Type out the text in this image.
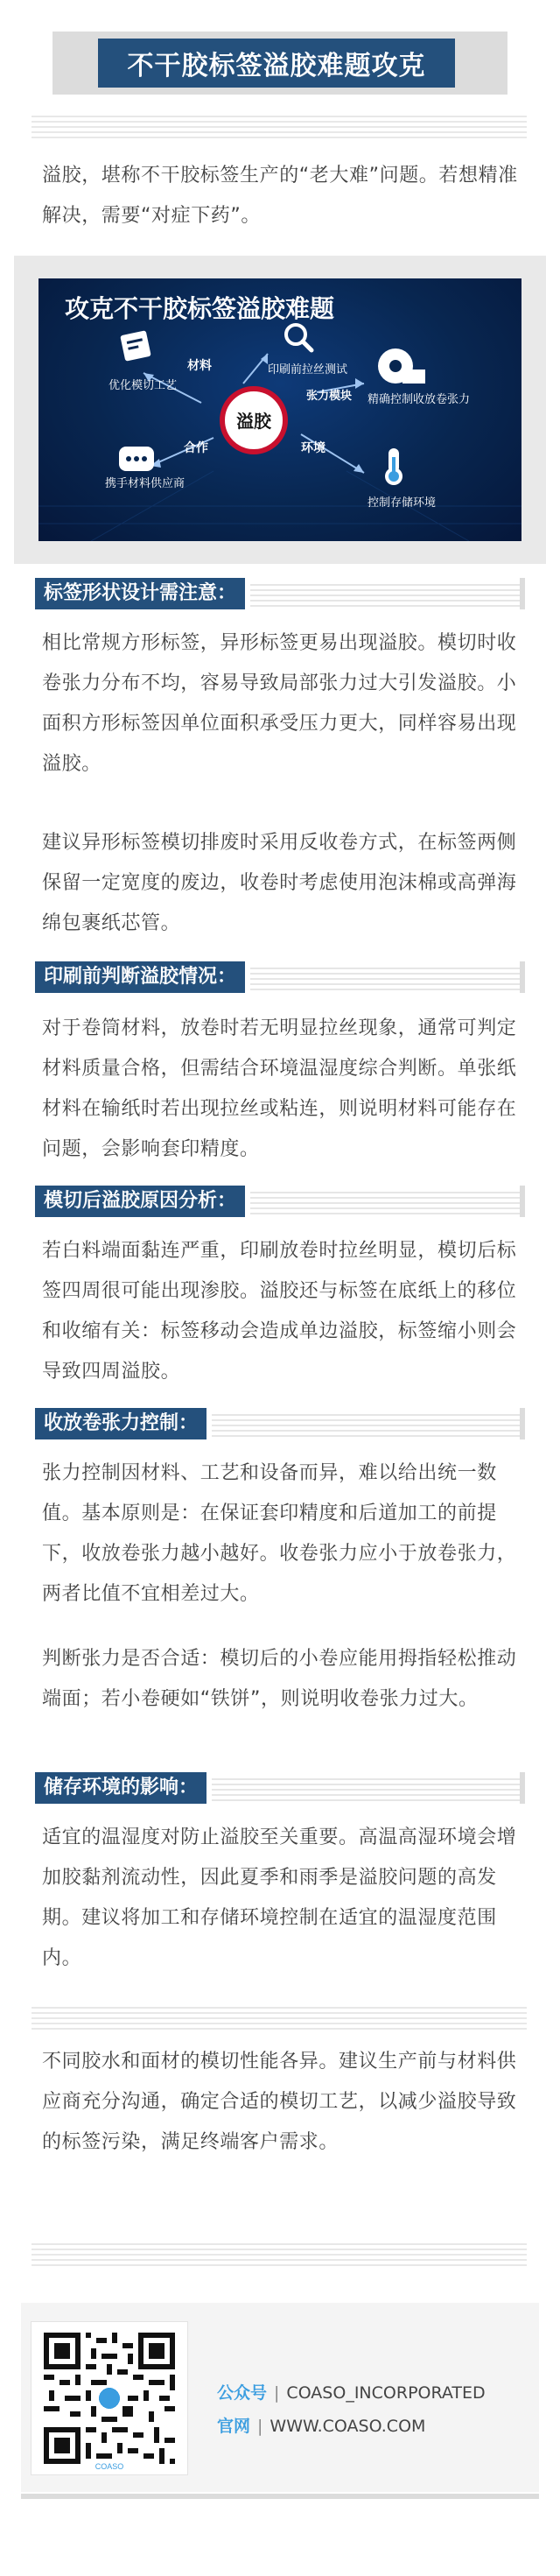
不干胶标签溢胶难题攻克
溢胶，堪称不干胶标签生产的“老大难”问题。若想精准解决，需要“对症下药”。
攻克不干胶标签溢胶难题
溢胶
优化模切工艺
材料	印刷前拉丝测试
张力模块 精确控制收放卷张力
合作
携手材料供应商
环境
控制存储环境
标签形状设计需注意：
相比常规方形标签，异形标签更易出现溢胶。模切时收卷张力分布不均，容易导致局部张力过大引发溢胶。小面积方形标签因单位面积承受压力更大，同样容易出现溢胶。
建议异形标签模切排废时采用反收卷方式，在标签两侧保留一定宽度的废边，收卷时考虑使用泡沫棉或高弹海绵包裹纸芯管。
印刷前判断溢胶情况：
对于卷筒材料，放卷时若无明显拉丝现象，通常可判定材料质量合格，但需结合环境温湿度综合判断。单张纸材料在输纸时若出现拉丝或粘连，则说明材料可能存在问题，会影响套印精度。
模切后溢胶原因分析：
若白料端面黏连严重，印刷放卷时拉丝明显，模切后标签四周很可能出现渗胶。溢胶还与标签在底纸上的移位和收缩有关：标签移动会造成单边溢胶，标签缩小则会导致四周溢胶。
收放卷张力控制：
张力控制因材料、工艺和设备而异，难以给出统一数值。基本原则是：在保证套印精度和后道加工的前提下，收放卷张力越小越好。收卷张力应小于放卷张力，两者比值不宜相差过大。
判断张力是否合适：模切后的小卷应能用拇指轻松推动端面；若小卷硬如“铁饼”，则说明收卷张力过大。
储存环境的影响：
适宜的温湿度对防止溢胶至关重要。高温高湿环境会增加胶黏剂流动性，因此夏季和雨季是溢胶问题的高发期。建议将加工和存储环境控制在适宜的温湿度范围内。
不同胶水和面材的模切性能各异。建议生产前与材料供应商充分沟通，确定合适的模切工艺，以减少溢胶导致的标签污染，满足终端客户需求。
COASO
公众号 | COASO_INCORPORATED
官网 | WWW.COASO.COM
